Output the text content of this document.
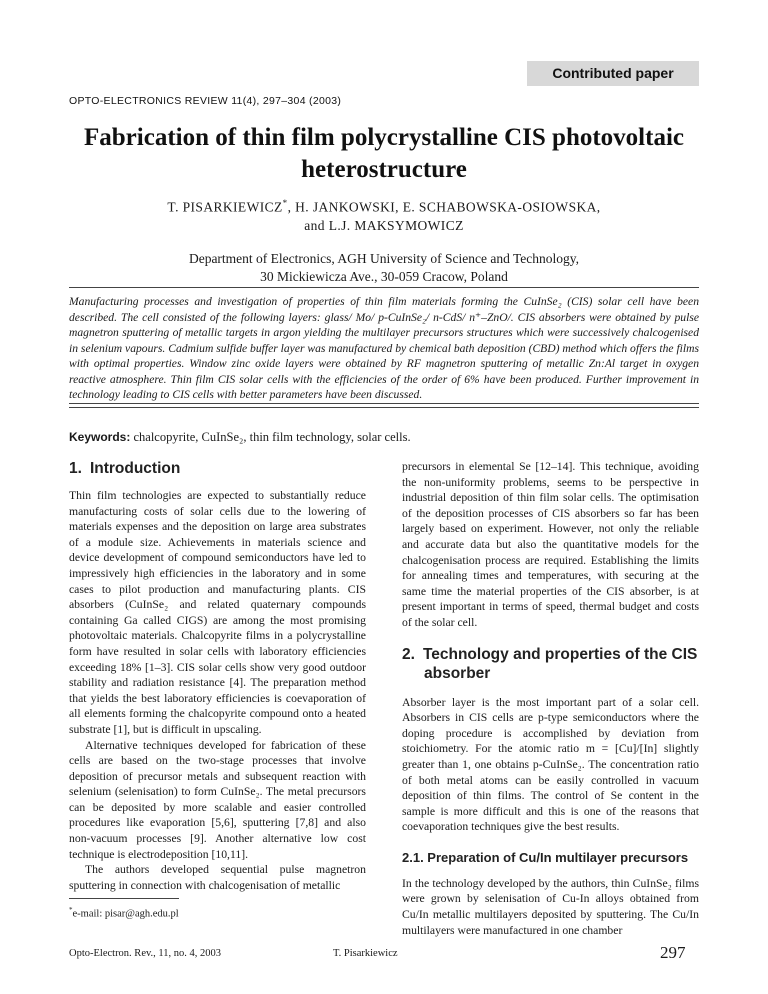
Contributed paper
OPTO-ELECTRONICS REVIEW 11(4), 297–304 (2003)
Fabrication of thin film polycrystalline CIS photovoltaic
heterostructure

T. PISARKIEWICZ*, H. JANKOWSKI, E. SCHABOWSKA-OSIOWSKA,
and L.J. MAKSYMOWICZ

Department of Electronics, AGH University of Science and Technology,
30 Mickiewicza Ave., 30-059 Cracow, Poland

Manufacturing processes and investigation of properties of thin film materials forming the CuInSe₂ (CIS) solar cell have been described. The cell consisted of the following layers: glass/ Mo/ p-CuInSe₂/ n-CdS/ n⁺–ZnO/. CIS absorbers were obtained by pulse magnetron sputtering of metallic targets in argon yielding the multilayer precursors structures which were successively chalcogenised in selenium vapours. Cadmium sulfide buffer layer was manufactured by chemical bath deposition (CBD) method which offers the films with optimal properties. Window zinc oxide layers were obtained by RF magnetron sputtering of metallic Zn:Al target in oxygen reactive atmosphere. Thin film CIS solar cells with the efficiencies of the order of 6% have been produced. Further improvement in technology leading to CIS cells with better parameters have been discussed.

Keywords: chalcopyrite, CuInSe₂, thin film technology, solar cells.

1. Introduction

Thin film technologies are expected to substantially reduce manufacturing costs of solar cells due to the lowering of materials expenses and the deposition on large area substrates of a module size. Achievements in materials science and device development of compound semiconductors have led to impressively high efficiencies in the laboratory and in some cases to pilot production and manufacturing plants. CIS absorbers (CuInSe₂ and related quaternary compounds containing Ga called CIGS) are among the most promising photovoltaic materials. Chalcopyrite films in a polycrystalline form have resulted in solar cells with laboratory efficiencies exceeding 18% [1–3]. CIS solar cells show very good outdoor stability and radiation resistance [4]. The preparation method that yields the best laboratory efficiencies is coevaporation of all elements forming the chalcopyrite compound onto a heated substrate [1], but is difficult in upscaling.

Alternative techniques developed for fabrication of these cells are based on the two-stage processes that involve deposition of precursor metals and subsequent reaction with selenium (selenisation) to form CuInSe₂. The metal precursors can be deposited by more scalable and easier controlled procedures like evaporation [5,6], sputtering [7,8] and also non-vacuum processes [9]. Another alternative low cost technique is electrodeposition [10,11].

The authors developed sequential pulse magnetron sputtering in connection with chalcogenisation of metallic

precursors in elemental Se [12–14]. This technique, avoiding the non-uniformity problems, seems to be perspective in industrial deposition of thin film solar cells. The optimisation of the deposition processes of CIS absorbers so far has been largely based on experiment. However, not only the reliable and accurate data but also the quantitative models for the chalcogenisation process are required. Establishing the limits for annealing times and temperatures, with securing at the same time the material properties of the CIS absorber, is at present important in terms of speed, thermal budget and costs of the solar cell.

2. Technology and properties of the CIS
absorber

Absorber layer is the most important part of a solar cell. Absorbers in CIS cells are p-type semiconductors where the doping procedure is accomplished by deviation from stoichiometry. For the atomic ratio m = [Cu]/[In] slightly greater than 1, one obtains p-CuInSe₂. The concentration ratio of both metal atoms can be easily controlled in vacuum deposition of thin films. The control of Se content in the sample is more difficult and this is one of the reasons that coevaporation techniques give the best results.

2.1. Preparation of Cu/In multilayer precursors

In the technology developed by the authors, thin CuInSe₂ films were grown by selenisation of Cu-In alloys obtained from Cu/In metallic multilayers deposited by sputtering. The Cu/In multilayers were manufactured in one chamber

*e-mail: pisar@agh.edu.pl

Opto-Electron. Rev., 11, no. 4, 2003	T. Pisarkiewicz	297
